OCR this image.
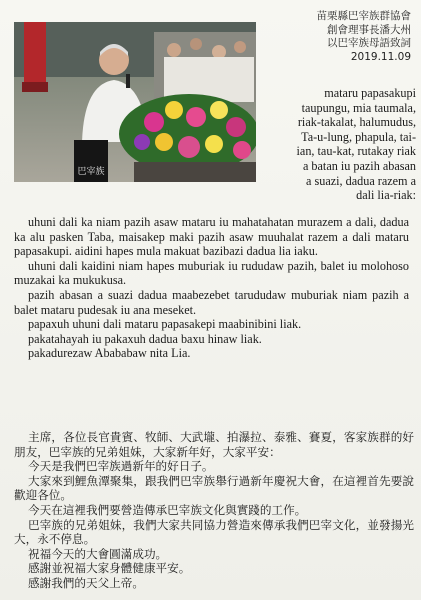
巴宰族
苗栗縣巴宰族群協會
創會理事長潘大州
以巴宰族母語致詞
2019.11.09
mataru papasakupi
taupungu, mia taumala,
riak-takalat, halumudus,
Ta-u-lung, phapula, tai-
ian, tau-kat, rutakay riak
a batan iu pazih abasan
a suazi, dadua razem a
dali lia-riak:
uhuni dali ka niam pazih asaw mataru iu mahatahatan murazem a dali, dadua ka alu pasken Taba, maisakep maki pazih asaw muuhalat razem a dali mataru papasakupi. aidini hapes mula makuat bazibazi dadua lia iaku.
uhuni dali kaidini niam hapes muburiak iu rududaw pazih, balet iu molohoso muzakai ka mukukusa.
pazih abasan a suazi dadua maabezebet tarududaw muburiak niam pazih a balet mataru pudesak iu ana meseket.
papaxuh uhuni dali mataru papasakepi maabinibini liak.
pakatahayah iu pakaxuh dadua baxu hinaw liak.
pakadurezaw Abababaw nita Lia.
主席，各位長官貴賓、牧師、大武壠、拍瀑拉、泰雅、賽夏，客家族群的好朋友，巴宰族的兄弟姐妹，大家新年好，大家平安：
今天是我們巴宰族過新年的好日子。
大家來到鯉魚潭聚集，跟我們巴宰族舉行過新年慶祝大會，在這裡首先要說歡迎各位。
今天在這裡我們要營造傳承巴宰族文化與實踐的工作。
巴宰族的兄弟姐妹，我們大家共同協力營造來傳承我們巴宰文化，並發揚光大，永不停息。
祝福今天的大會圓滿成功。
感謝並祝福大家身體健康平安。
感謝我們的天父上帝。
